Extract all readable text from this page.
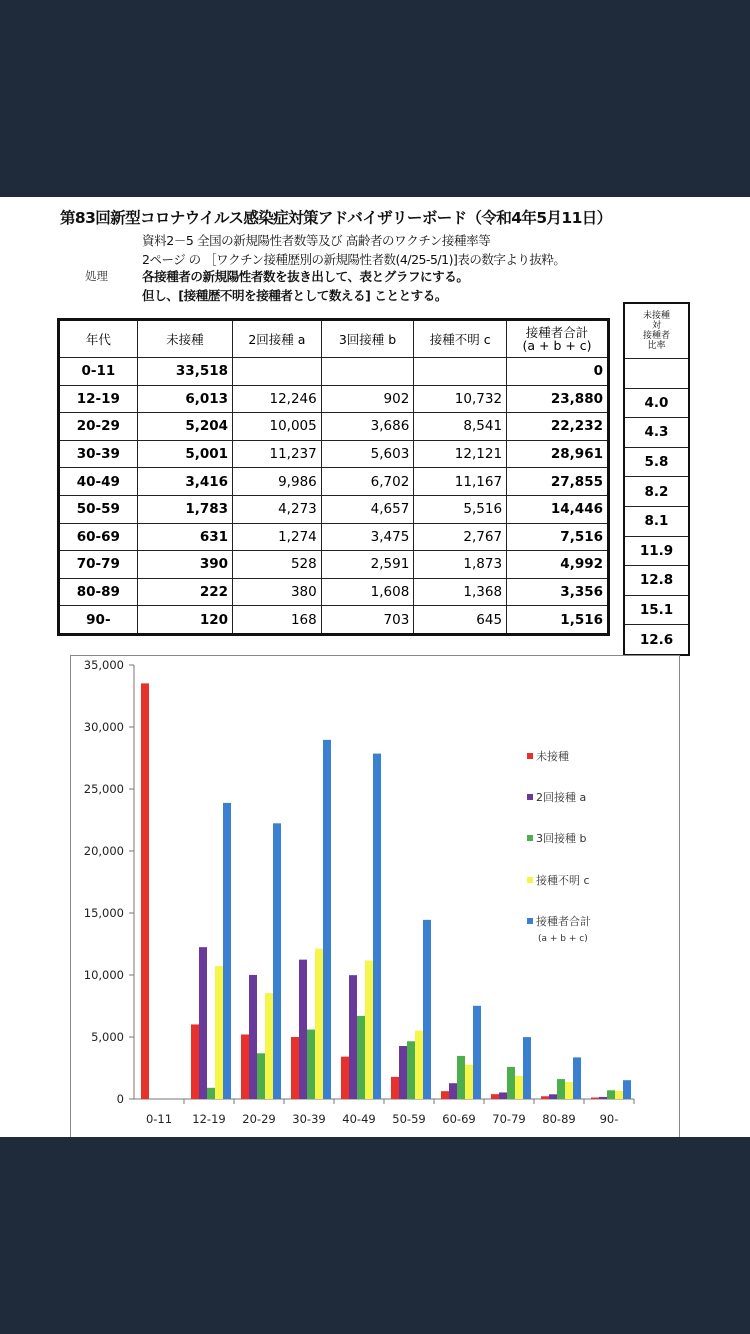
第83回新型コロナウイルス感染症対策アドバイザリーボード（令和4年5月11日）
資料2－5 全国の新規陽性者数等及び 高齢者のワクチン接種率等
2ページ の ［ワクチン接種歴別の新規陽性者数(4/25-5/1)]表の数字より抜粋。
処理	各接種者の新規陽性者数を抜き出して、表とグラフにする。
但し、[接種歴不明を接種者として数える] こととする。
年代	未接種	2回接種 a	3回接種 b	接種不明 c	接種者合計
(a + b + c)
0-11	33,518				0
12-19	6,013	12,246	902	10,732	23,880
20-29	5,204	10,005	3,686	8,541	22,232
30-39	5,001	11,237	5,603	12,121	28,961
40-49	3,416	9,986	6,702	11,167	27,855
50-59	1,783	4,273	4,657	5,516	14,446
60-69	631	1,274	3,475	2,767	7,516
70-79	390	528	2,591	1,873	4,992
80-89	222	380	1,608	1,368	3,356
90-	120	168	703	645	1,516
未接種
対
接種者
比率

4.0
4.3
5.8
8.2
8.1
11.9
12.8
15.1
12.6
0
5,000
10,000
15,000
20,000
25,000
30,000
35,000
0-11 12-19 20-29 30-39 40-49 50-59 60-69 70-79 80-89 90-
未接種
2回接種 a
3回接種 b
接種不明 c
接種者合計
(a + b + c)
